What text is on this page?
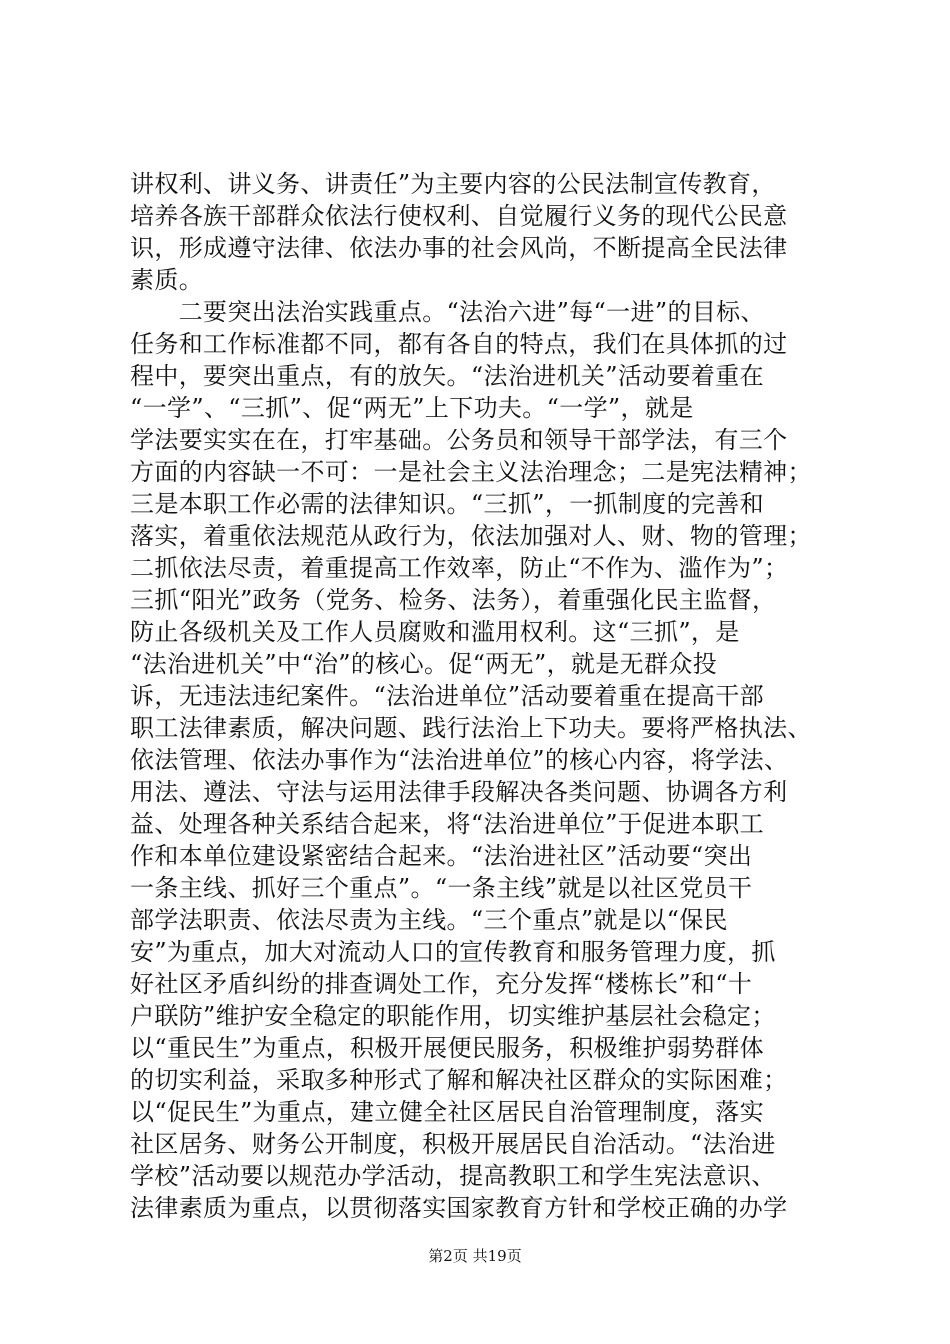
讲权利、讲义务、讲责任”为主要内容的公民法制宣传教育，
培养各族干部群众依法行使权利、自觉履行义务的现代公民意
识，形成遵守法律、依法办事的社会风尚，不断提高全民法律
素质。
　　二要突出法治实践重点。“法治六进”每“一进”的目标、
任务和工作标准都不同，都有各自的特点，我们在具体抓的过
程中，要突出重点，有的放矢。“法治进机关”活动要着重在
“一学”、“三抓”、促“两无”上下功夫。“一学”，就是
学法要实实在在，打牢基础。公务员和领导干部学法，有三个
方面的内容缺一不可：一是社会主义法治理念；二是宪法精神；
三是本职工作必需的法律知识。“三抓”，一抓制度的完善和
落实，着重依法规范从政行为，依法加强对人、财、物的管理；
二抓依法尽责，着重提高工作效率，防止“不作为、滥作为”；
三抓“阳光”政务（党务、检务、法务），着重强化民主监督，
防止各级机关及工作人员腐败和滥用权利。这“三抓”，是
“法治进机关”中“治”的核心。促“两无”，就是无群众投
诉，无违法违纪案件。“法治进单位”活动要着重在提高干部
职工法律素质，解决问题、践行法治上下功夫。要将严格执法、
依法管理、依法办事作为“法治进单位”的核心内容，将学法、
用法、遵法、守法与运用法律手段解决各类问题、协调各方利
益、处理各种关系结合起来，将“法治进单位”于促进本职工
作和本单位建设紧密结合起来。“法治进社区”活动要“突出
一条主线、抓好三个重点”。“一条主线”就是以社区党员干
部学法职责、依法尽责为主线。“三个重点”就是以“保民
安”为重点，加大对流动人口的宣传教育和服务管理力度，抓
好社区矛盾纠纷的排查调处工作，充分发挥“楼栋长”和“十
户联防”维护安全稳定的职能作用，切实维护基层社会稳定；
以“重民生”为重点，积极开展便民服务，积极维护弱势群体
的切实利益，采取多种形式了解和解决社区群众的实际困难；
以“促民生”为重点，建立健全社区居民自治管理制度，落实
社区居务、财务公开制度，积极开展居民自治活动。“法治进
学校”活动要以规范办学活动，提高教职工和学生宪法意识、
法律素质为重点，以贯彻落实国家教育方针和学校正确的办学
第2页 共19页
